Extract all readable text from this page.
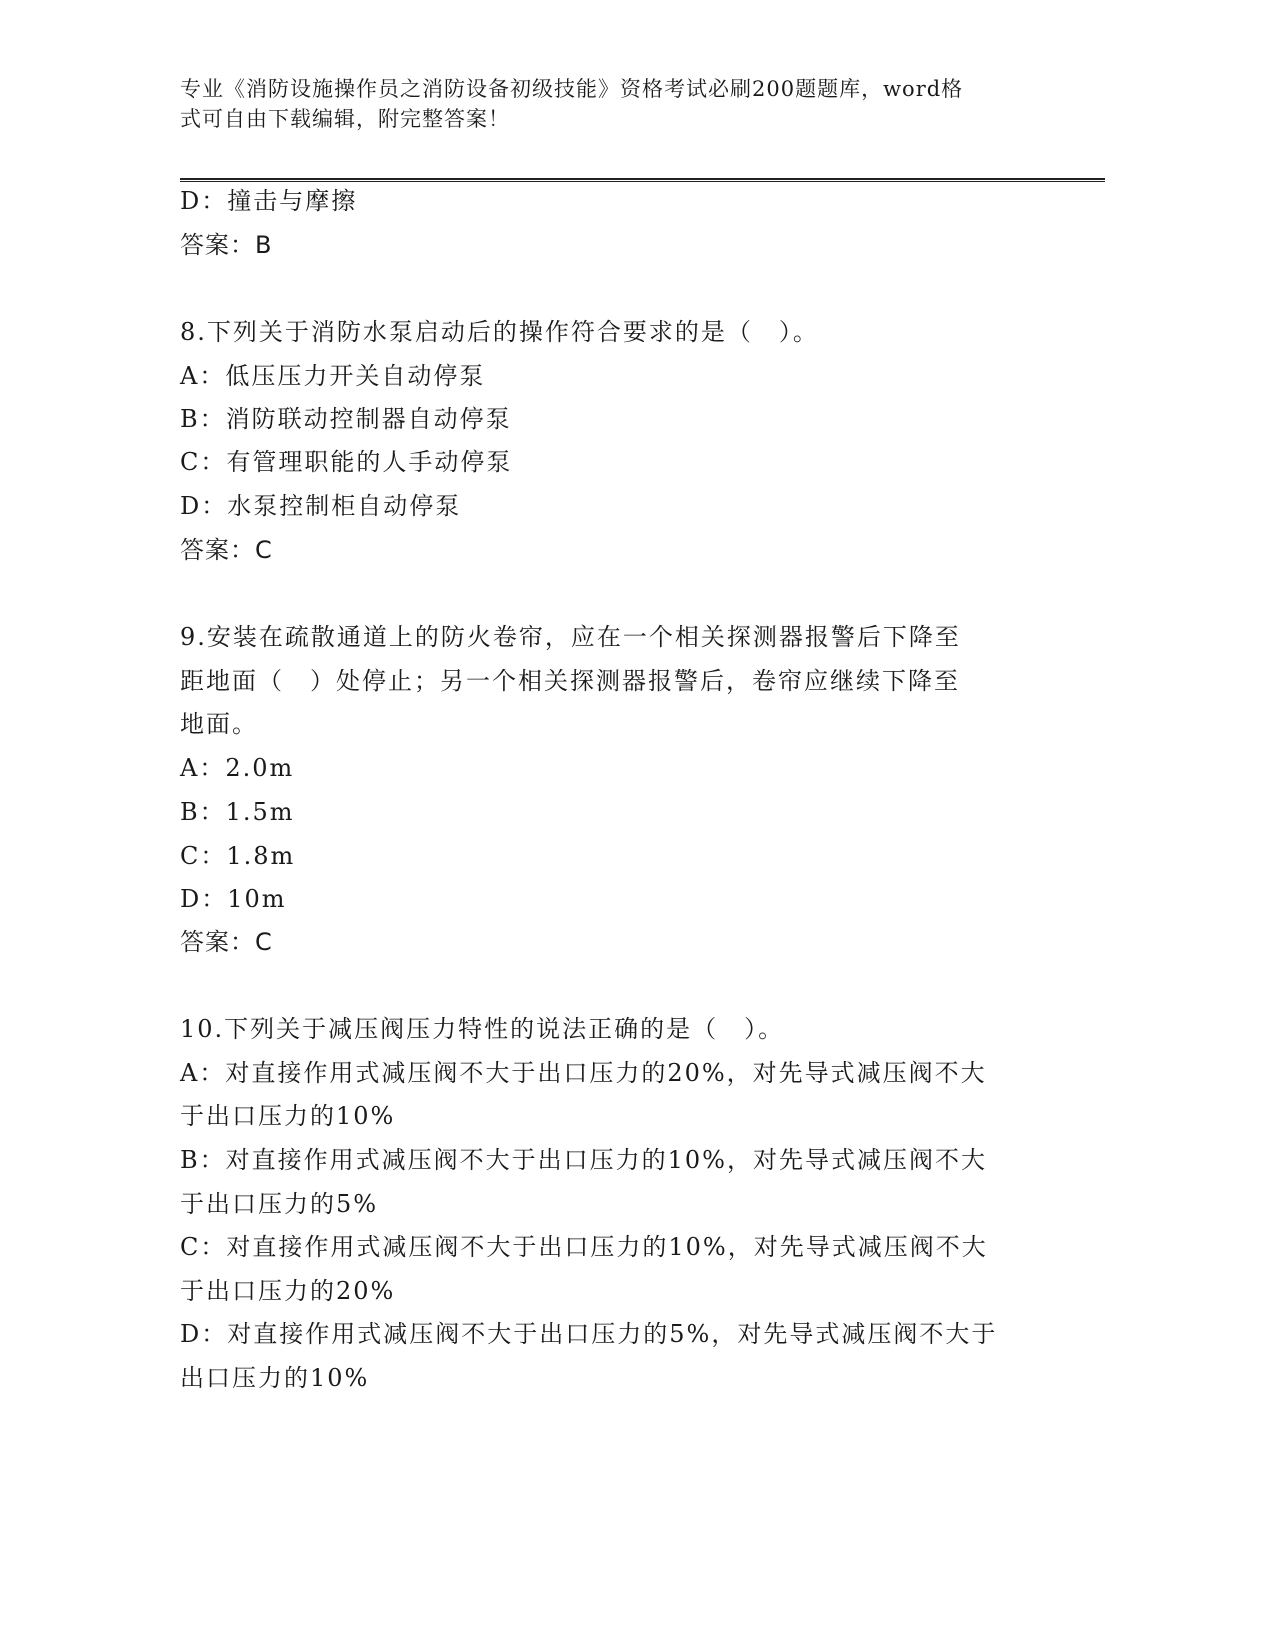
专业《消防设施操作员之消防设备初级技能》资格考试必刷200题题库，word格
式可自由下载编辑，附完整答案！
D：撞击与摩擦
答案：B
8.下列关于消防水泵启动后的操作符合要求的是（　）。
A：低压压力开关自动停泵
B：消防联动控制器自动停泵
C：有管理职能的人手动停泵
D：水泵控制柜自动停泵
答案：C
9.安装在疏散通道上的防火卷帘，应在一个相关探测器报警后下降至
距地面（　）处停止；另一个相关探测器报警后，卷帘应继续下降至
地面。
A：2.0m
B：1.5m
C：1.8m
D：10m
答案：C
10.下列关于减压阀压力特性的说法正确的是（　）。
A：对直接作用式减压阀不大于出口压力的20%，对先导式减压阀不大
于出口压力的10%
B：对直接作用式减压阀不大于出口压力的10%，对先导式减压阀不大
于出口压力的5%
C：对直接作用式减压阀不大于出口压力的10%，对先导式减压阀不大
于出口压力的20%
D：对直接作用式减压阀不大于出口压力的5%，对先导式减压阀不大于
出口压力的10%
